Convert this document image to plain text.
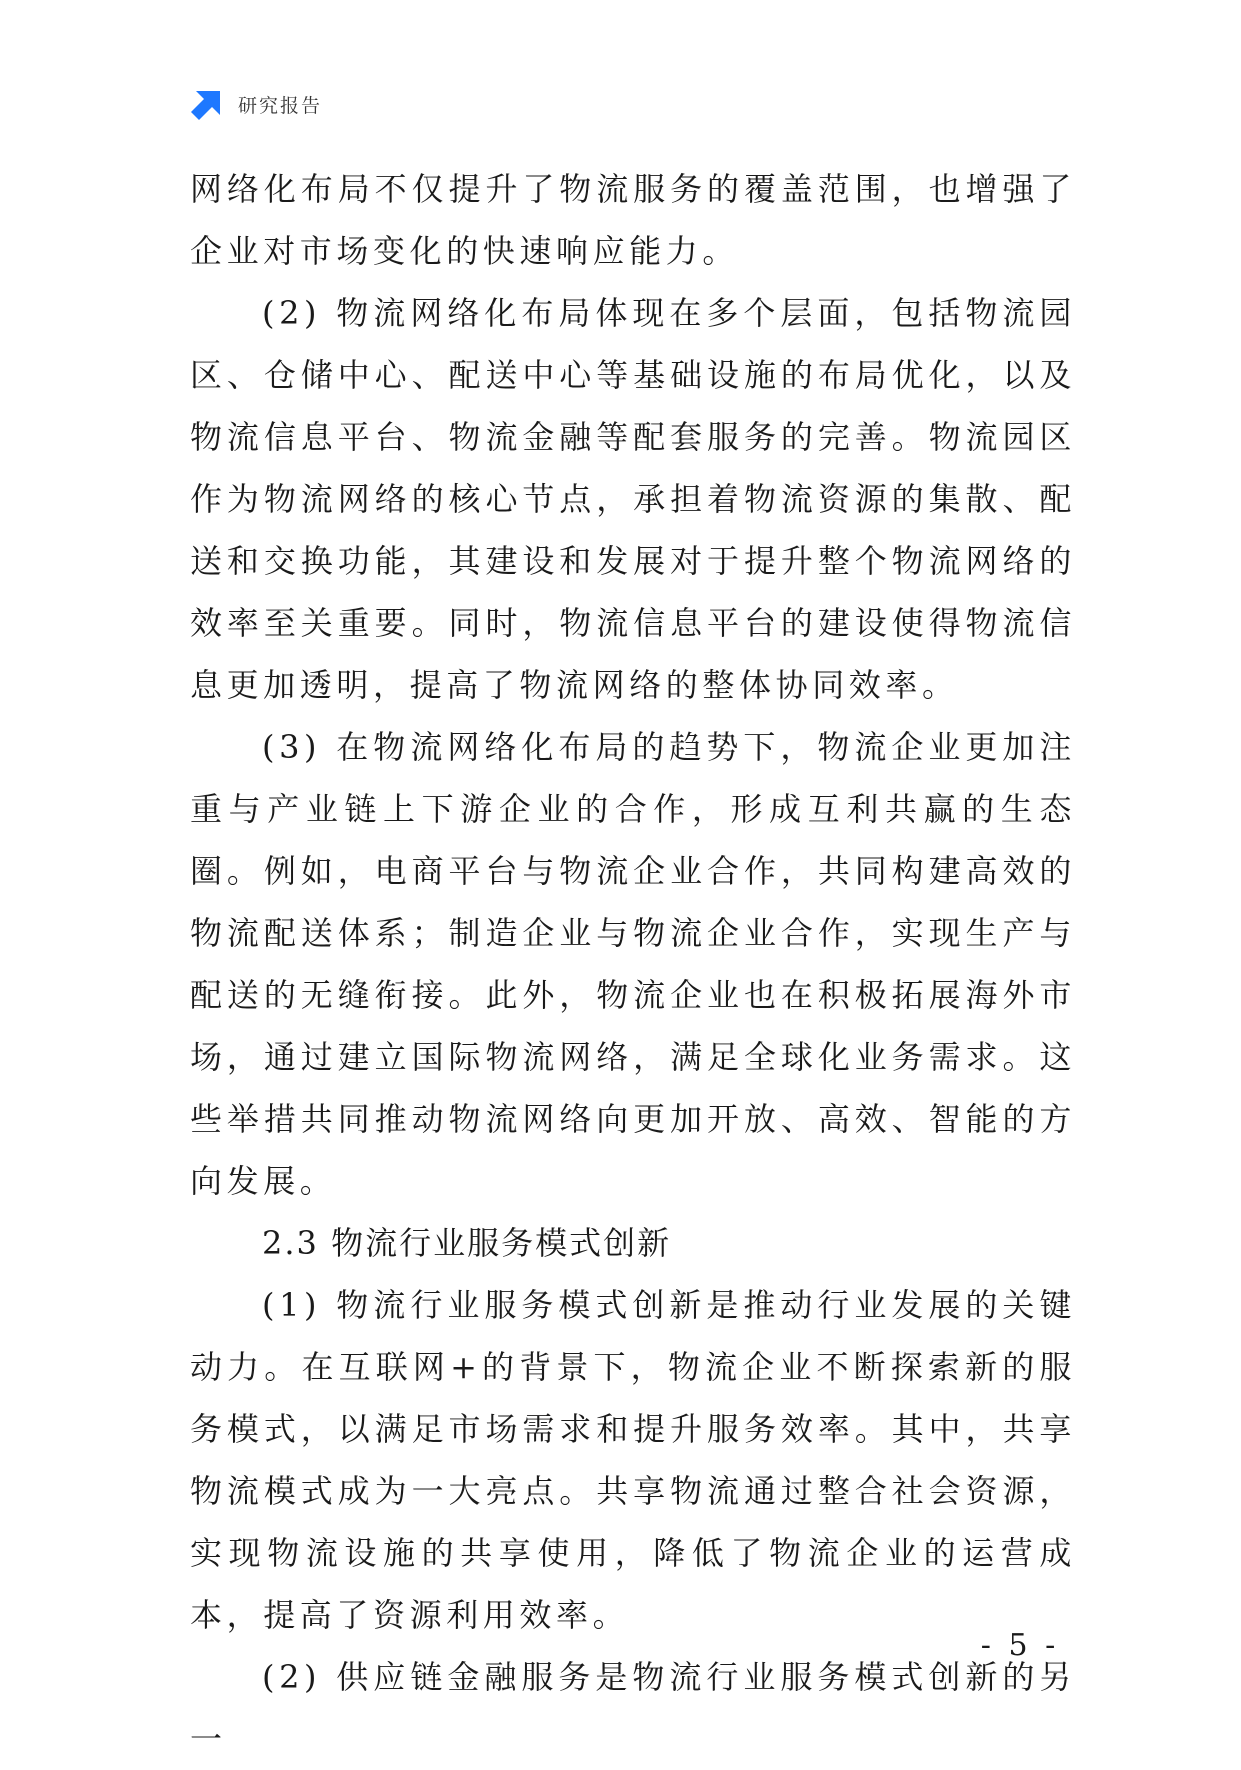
研究报告

网络化布局不仅提升了物流服务的覆盖范围，也增强了企业对市场变化的快速响应能力。

(2) 物流网络化布局体现在多个层面，包括物流园区、仓储中心、配送中心等基础设施的布局优化，以及物流信息平台、物流金融等配套服务的完善。物流园区作为物流网络的核心节点，承担着物流资源的集散、配送和交换功能，其建设和发展对于提升整个物流网络的效率至关重要。同时，物流信息平台的建设使得物流信息更加透明，提高了物流网络的整体协同效率。

(3) 在物流网络化布局的趋势下，物流企业更加注重与产业链上下游企业的合作，形成互利共赢的生态圈。例如，电商平台与物流企业合作，共同构建高效的物流配送体系；制造企业与物流企业合作，实现生产与配送的无缝衔接。此外，物流企业也在积极拓展海外市场，通过建立国际物流网络，满足全球化业务需求。这些举措共同推动物流网络向更加开放、高效、智能的方向发展。

2.3 物流行业服务模式创新

(1) 物流行业服务模式创新是推动行业发展的关键动力。在互联网+的背景下，物流企业不断探索新的服务模式，以满足市场需求和提升服务效率。其中，共享物流模式成为一大亮点。共享物流通过整合社会资源，实现物流设施的共享使用，降低了物流企业的运营成本，提高了资源利用效率。

(2) 供应链金融服务是物流行业服务模式创新的另一

- 5 -
